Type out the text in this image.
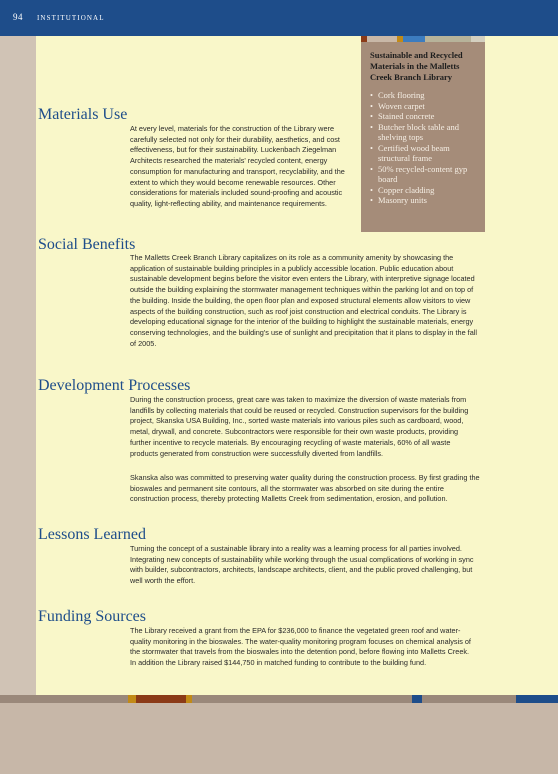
94 INSTITUTIONAL

Sustainable and Recycled Materials in the Malletts Creek Branch Library

• Cork flooring
• Woven carpet
• Stained concrete
• Butcher block table and shelving tops
• Certified wood beam structural frame
• 50% recycled-content gyp board
• Copper cladding
• Masonry units
Materials Use

At every level, materials for the construction of the Library were carefully selected not only for their durability, aesthetics, and cost effectiveness, but for their sustainability. Luckenbach Ziegelman Architects researched the materials' recycled content, energy consumption for manufacturing and transport, recyclability, and the extent to which they would become renewable resources. Other considerations for materials included sound-proofing and acoustic quality, light-reflecting ability, and maintenance requirements.

Social Benefits

The Malletts Creek Branch Library capitalizes on its role as a community amenity by showcasing the application of sustainable building principles in a publicly accessible location. Public education about sustainable development begins before the visitor even enters the Library, with interpretive signage located outside the building explaining the stormwater management techniques within the parking lot and on top of the building. Inside the building, the open floor plan and exposed structural elements allow visitors to view aspects of the building construction, such as roof joist construction and electrical conduits. The Library is developing educational signage for the interior of the building to highlight the sustainable materials, energy conserving technologies, and the building's use of sunlight and precipitation that it plans to display in the fall of 2005.

Development Processes

During the construction process, great care was taken to maximize the diversion of waste materials from landfills by collecting materials that could be reused or recycled. Construction supervisors for the building project, Skanska USA Building, Inc., sorted waste materials into various piles such as cardboard, wood, metal, drywall, and concrete. Subcontractors were responsible for their own waste products, providing further incentive to recycle materials. By encouraging recycling of waste materials, 60% of all waste products generated from construction were successfully diverted from landfills.

Skanska also was committed to preserving water quality during the construction process. By first grading the bioswales and permanent site contours, all the stormwater was absorbed on site during the entire construction process, thereby protecting Malletts Creek from sedimentation, erosion, and pollution.

Lessons Learned

Turning the concept of a sustainable library into a reality was a learning process for all parties involved. Integrating new concepts of sustainability while working through the usual complications of working in sync with builder, subcontractors, architects, landscape architects, client, and the public proved challenging, but well worth the effort.

Funding Sources

The Library received a grant from the EPA for $236,000 to finance the vegetated green roof and water-quality monitoring in the bioswales. The water-quality monitoring program focuses on chemical analysis of the stormwater that travels from the bioswales into the detention pond, before flowing into Malletts Creek.

In addition the Library raised $144,750 in matched funding to contribute to the building fund.
